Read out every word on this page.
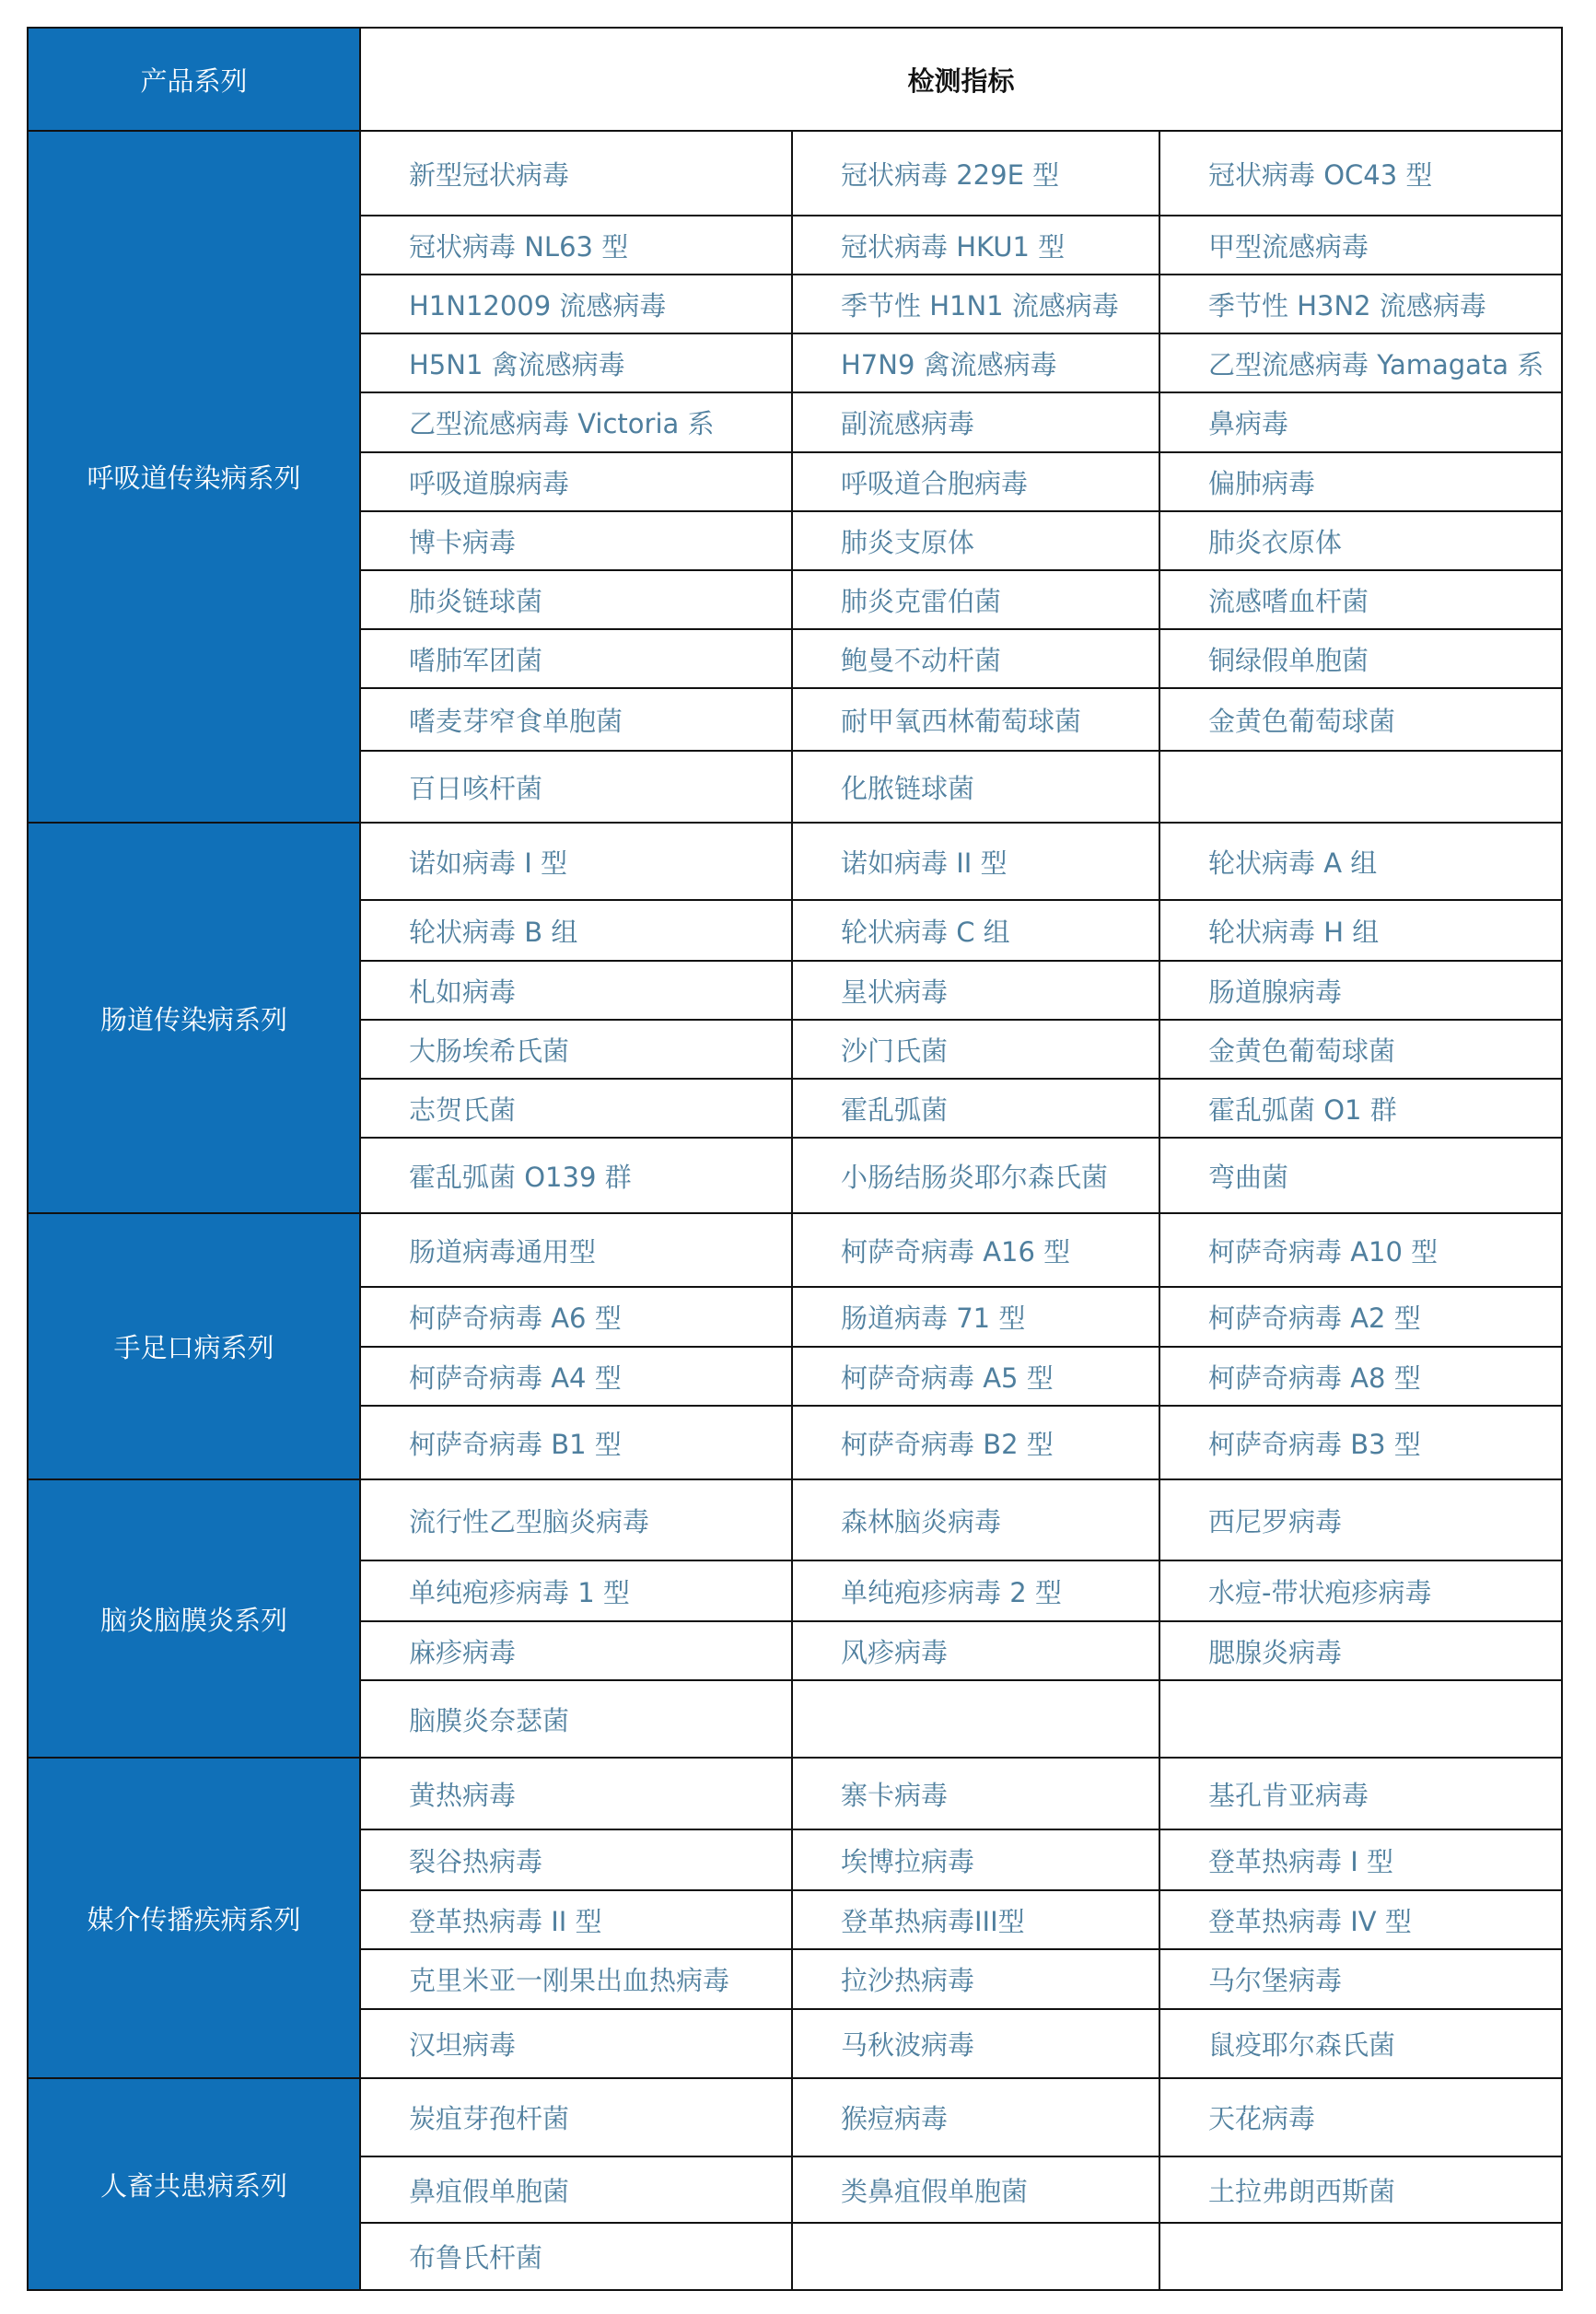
产品系列	检测指标		
呼吸道传染病系列	新型冠状病毒	冠状病毒 229E 型	冠状病毒 OC43 型
	冠状病毒 NL63 型	冠状病毒 HKU1 型	甲型流感病毒
	H1N12009 流感病毒	季节性 H1N1 流感病毒	季节性 H3N2 流感病毒
	H5N1 禽流感病毒	H7N9 禽流感病毒	乙型流感病毒 Yamagata 系
	乙型流感病毒 Victoria 系	副流感病毒	鼻病毒
	呼吸道腺病毒	呼吸道合胞病毒	偏肺病毒
	博卡病毒	肺炎支原体	肺炎衣原体
	肺炎链球菌	肺炎克雷伯菌	流感嗜血杆菌
	嗜肺军团菌	鲍曼不动杆菌	铜绿假单胞菌
	嗜麦芽窄食单胞菌	耐甲氧西林葡萄球菌	金黄色葡萄球菌
	百日咳杆菌	化脓链球菌	
肠道传染病系列	诺如病毒 I 型	诺如病毒 II 型	轮状病毒 A 组
	轮状病毒 B 组	轮状病毒 C 组	轮状病毒 H 组
	札如病毒	星状病毒	肠道腺病毒
	大肠埃希氏菌	沙门氏菌	金黄色葡萄球菌
	志贺氏菌	霍乱弧菌	霍乱弧菌 O1 群
	霍乱弧菌 O139 群	小肠结肠炎耶尔森氏菌	弯曲菌
手足口病系列	肠道病毒通用型	柯萨奇病毒 A16 型	柯萨奇病毒 A10 型
	柯萨奇病毒 A6 型	肠道病毒 71 型	柯萨奇病毒 A2 型
	柯萨奇病毒 A4 型	柯萨奇病毒 A5 型	柯萨奇病毒 A8 型
	柯萨奇病毒 B1 型	柯萨奇病毒 B2 型	柯萨奇病毒 B3 型
脑炎脑膜炎系列	流行性乙型脑炎病毒	森林脑炎病毒	西尼罗病毒
	单纯疱疹病毒 1 型	单纯疱疹病毒 2 型	水痘-带状疱疹病毒
	麻疹病毒	风疹病毒	腮腺炎病毒
	脑膜炎奈瑟菌		
媒介传播疾病系列	黄热病毒	寨卡病毒	基孔肯亚病毒
	裂谷热病毒	埃博拉病毒	登革热病毒 I 型
	登革热病毒 II 型	登革热病毒III型	登革热病毒 IV 型
	克里米亚一刚果出血热病毒	拉沙热病毒	马尔堡病毒
	汉坦病毒	马秋波病毒	鼠疫耶尔森氏菌
人畜共患病系列	炭疽芽孢杆菌	猴痘病毒	天花病毒
	鼻疽假单胞菌	类鼻疽假单胞菌	土拉弗朗西斯菌
	布鲁氏杆菌		
